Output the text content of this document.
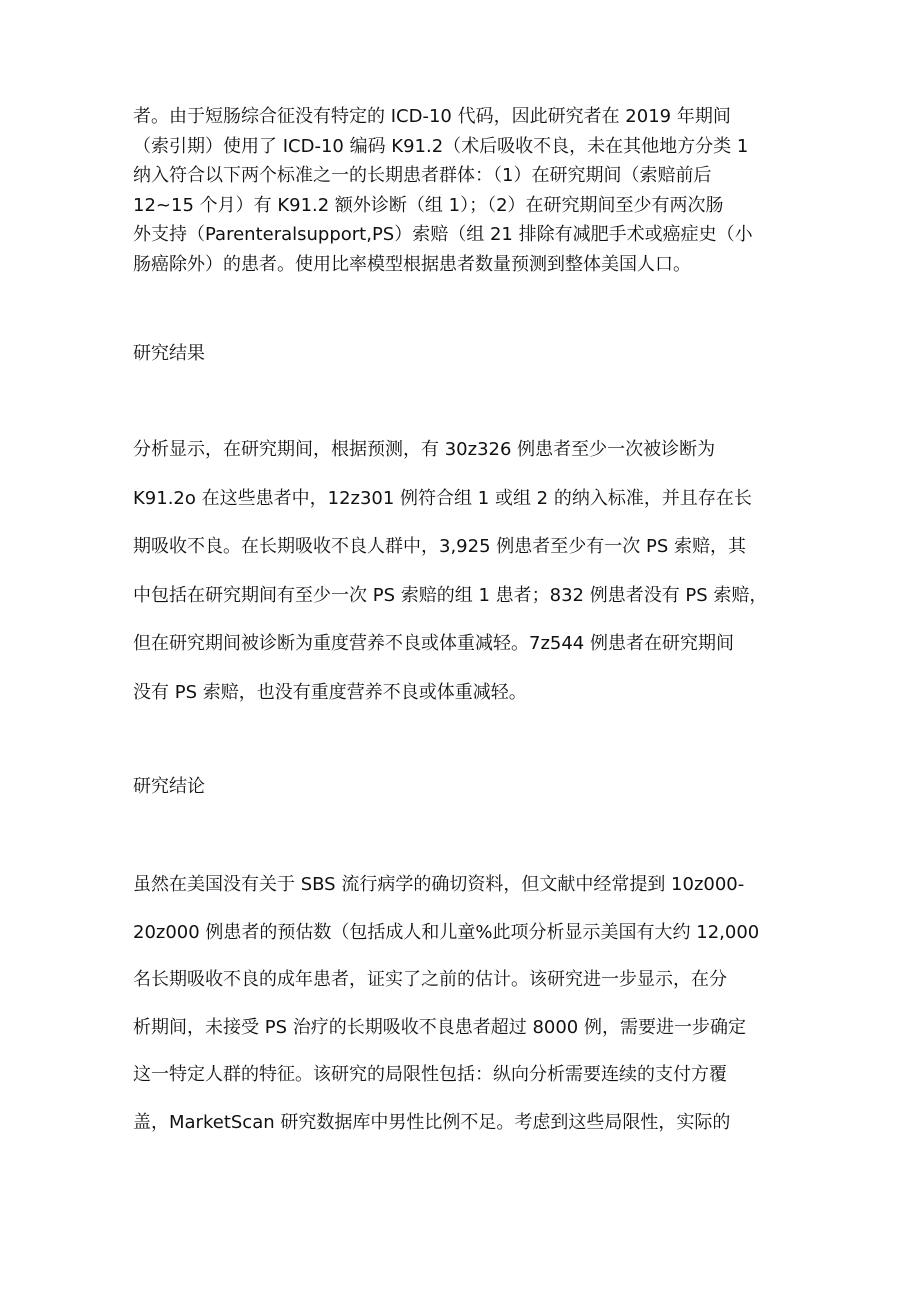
者。由于短肠综合征没有特定的 ICD-10 代码，因此研究者在 2019 年期间
（索引期）使用了 ICD-10 编码 K91.2（术后吸收不良，未在其他地方分类 1
纳入符合以下两个标准之一的长期患者群体：（1）在研究期间（索赔前后
12~15 个月）有 K91.2 额外诊断（组 1）；（2）在研究期间至少有两次肠
外支持（Parenteralsupport,PS）索赔（组 21 排除有减肥手术或癌症史（小
肠癌除外）的患者。使用比率模型根据患者数量预测到整体美国人口。
研究结果
分析显示，在研究期间，根据预测，有 30z326 例患者至少一次被诊断为
K91.2o 在这些患者中，12z301 例符合组 1 或组 2 的纳入标准，并且存在长
期吸收不良。在长期吸收不良人群中，3,925 例患者至少有一次 PS 索赔，其
中包括在研究期间有至少一次 PS 索赔的组 1 患者；832 例患者没有 PS 索赔，
但在研究期间被诊断为重度营养不良或体重减轻。7z544 例患者在研究期间
没有 PS 索赔，也没有重度营养不良或体重减轻。
研究结论
虽然在美国没有关于 SBS 流行病学的确切资料，但文献中经常提到 10z000-
20z000 例患者的预估数（包括成人和儿童%此项分析显示美国有大约 12,000
名长期吸收不良的成年患者，证实了之前的估计。该研究进一步显示，在分
析期间，未接受 PS 治疗的长期吸收不良患者超过 8000 例，需要进一步确定
这一特定人群的特征。该研究的局限性包括：纵向分析需要连续的支付方覆
盖，MarketScan 研究数据库中男性比例不足。考虑到这些局限性，实际的
